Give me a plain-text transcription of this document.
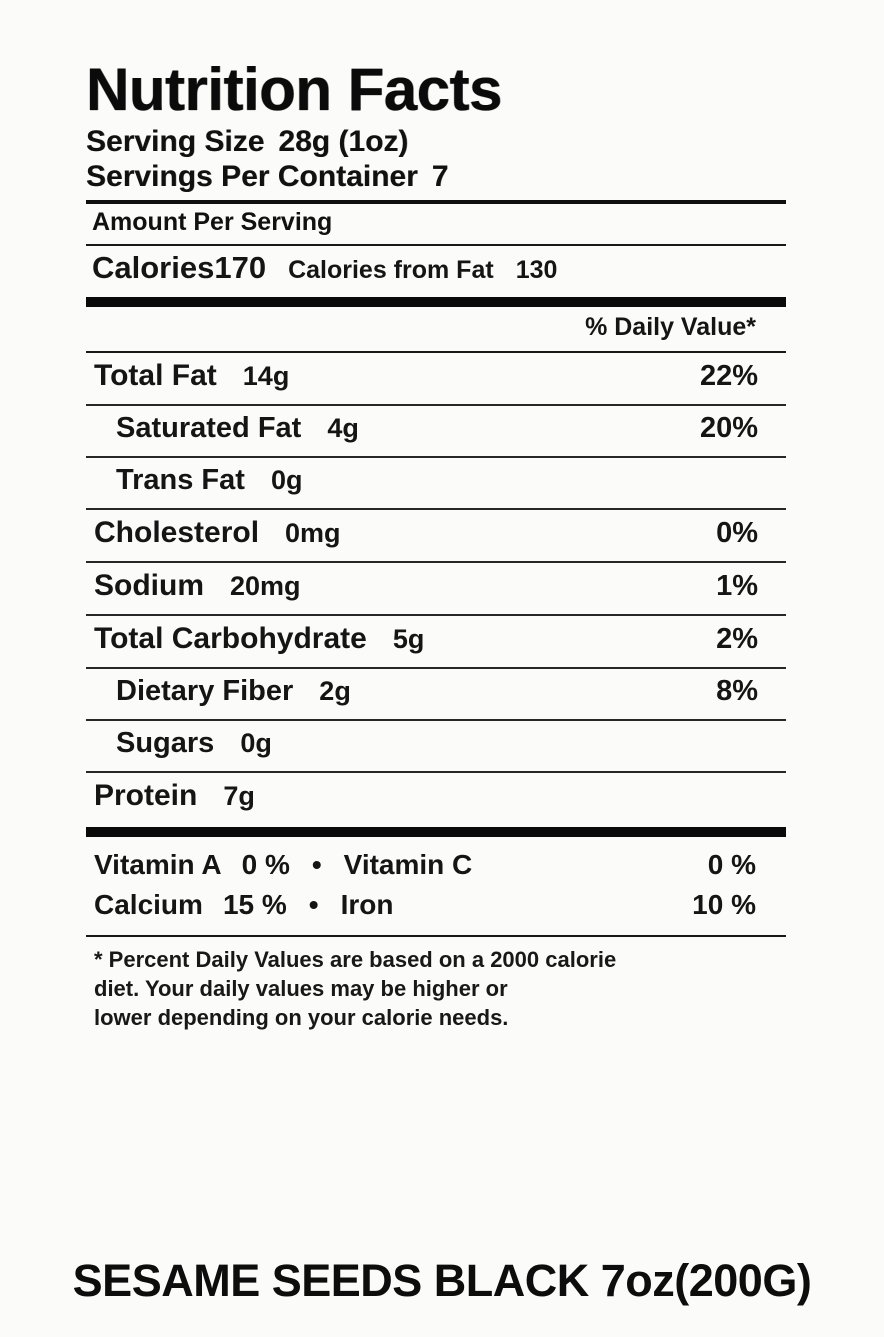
Nutrition Facts
Serving Size 28g (1oz)
Servings Per Container 7
Amount Per Serving
Calories 170 Calories from Fat 130
% Daily Value*
Total Fat 14g	22%
Saturated Fat 4g	20%
Trans Fat 0g
Cholesterol 0mg	0%
Sodium 20mg	1%
Total Carbohydrate 5g	2%
Dietary Fiber 2g	8%
Sugars 0g
Protein 7g
Vitamin A 0 % • Vitamin C	0 %
Calcium 15 % • Iron	10 %

* Percent Daily Values are based on a 2000 calorie

diet. Your daily values may be higher or

lower depending on your calorie needs.

SESAME SEEDS BLACK 7oz(200G)
